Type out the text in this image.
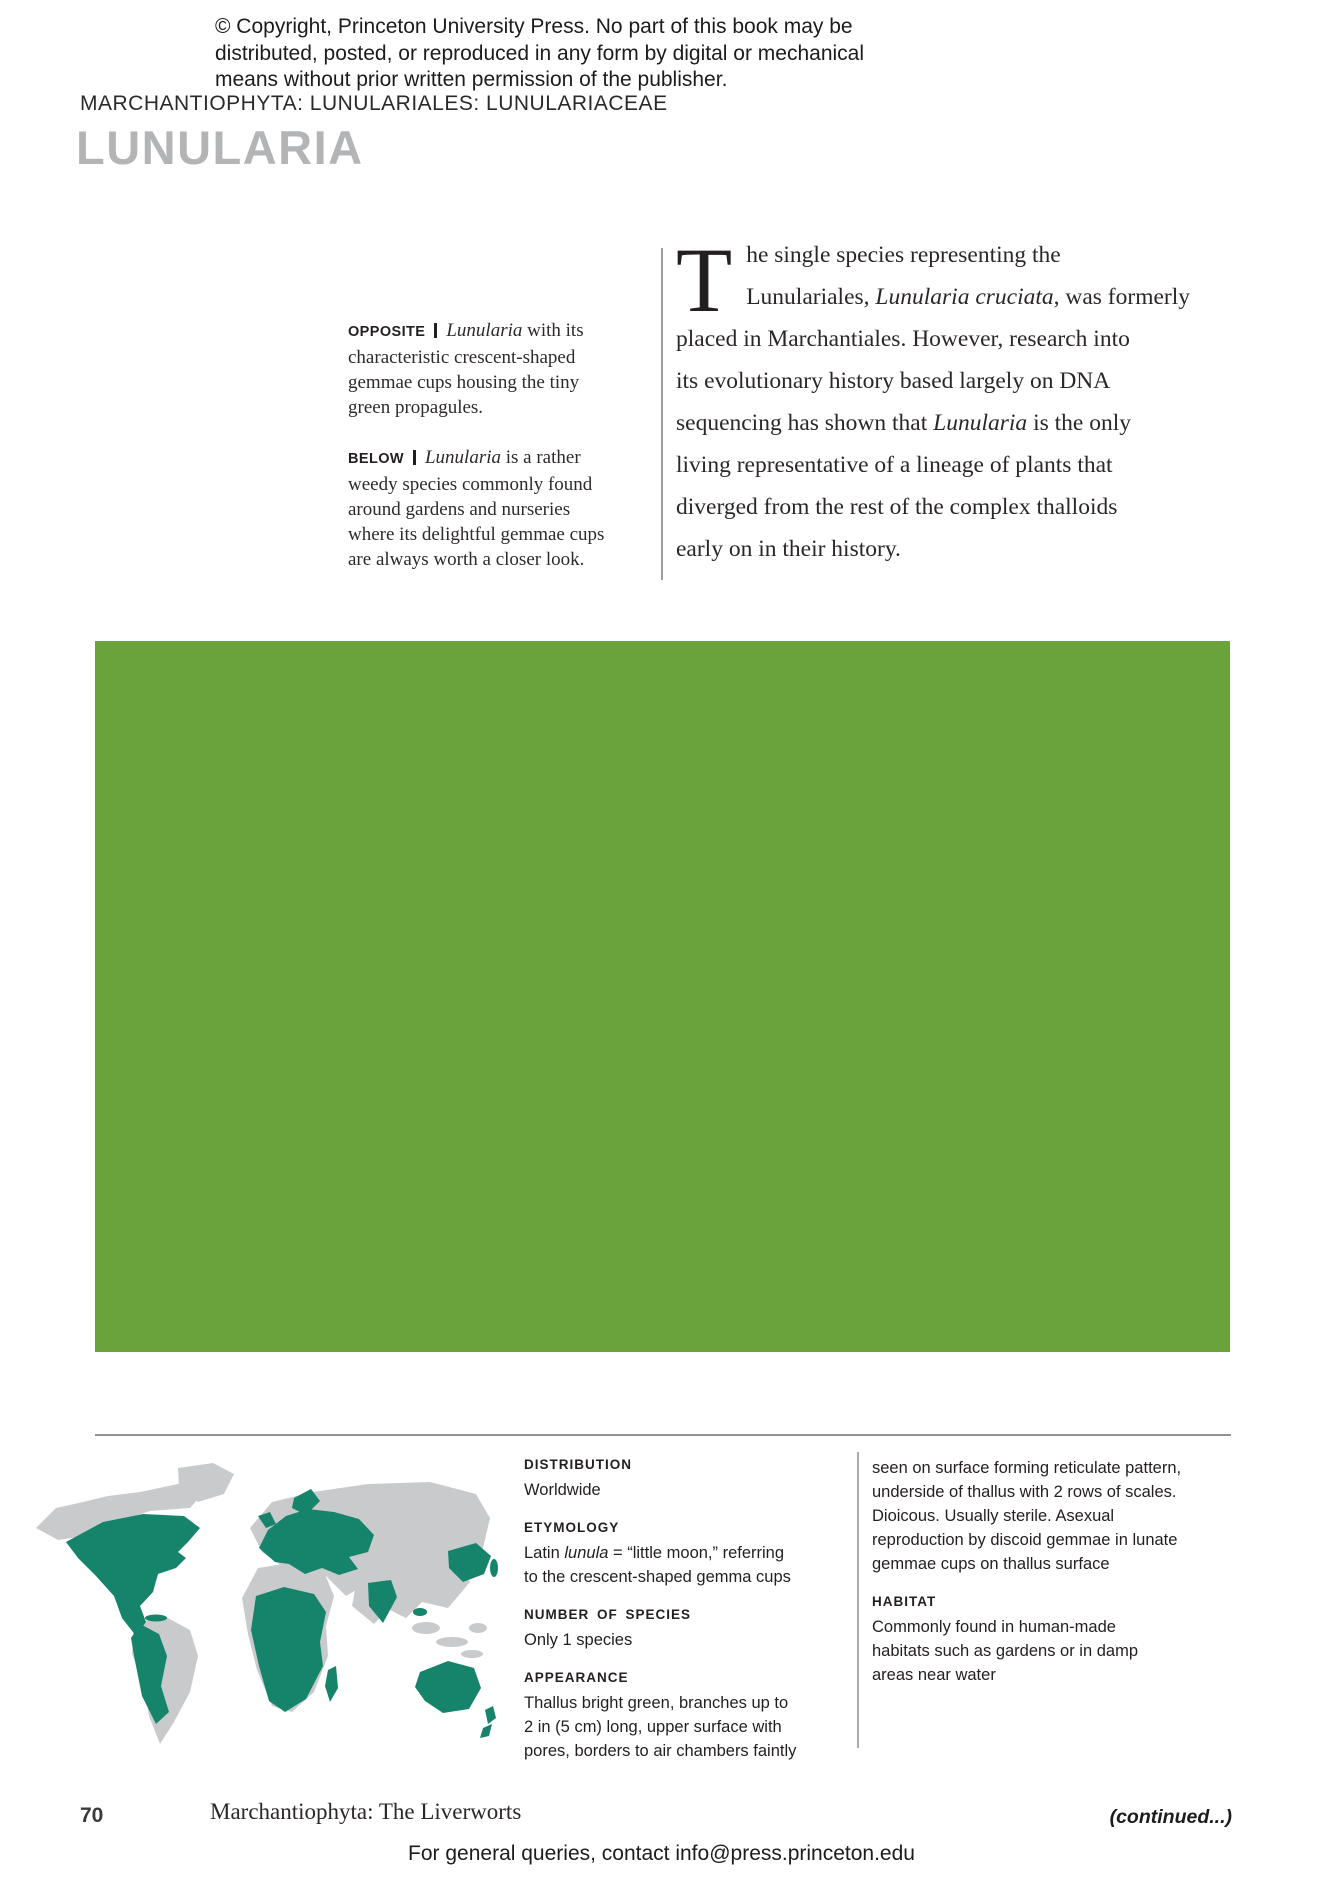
© Copyright, Princeton University Press. No part of this book may be
distributed, posted, or reproduced in any form by digital or mechanical
means without prior written permission of the publisher.
MARCHANTIOPHYTA: LUNULARIALES: LUNULARIACEAE
LUNULARIA
OPPOSITE Lunularia with its
characteristic crescent-shaped
gemmae cups housing the tiny
green propagules.
BELOW Lunularia is a rather
weedy species commonly found
around gardens and nurseries
where its delightful gemmae cups
are always worth a closer look.
T he single species representing the
Lunulariales, Lunularia cruciata, was formerly
placed in Marchantiales. However, research into
its evolutionary history based largely on DNA
sequencing has shown that Lunularia is the only
living representative of a lineage of plants that
diverged from the rest of the complex thalloids
early on in their history.
DISTRIBUTION
Worldwide
ETYMOLOGY
Latin lunula = “little moon,” referring
to the crescent-shaped gemma cups
NUMBER OF SPECIES
Only 1 species
APPEARANCE
Thallus bright green, branches up to
2 in (5 cm) long, upper surface with
pores, borders to air chambers faintly
seen on surface forming reticulate pattern,
underside of thallus with 2 rows of scales.
Dioicous. Usually sterile. Asexual
reproduction by discoid gemmae in lunate
gemmae cups on thallus surface
HABITAT
Commonly found in human-made
habitats such as gardens or in damp
areas near water
70	Marchantiophyta: The Liverworts	(continued...)
For general queries, contact info@press.princeton.edu
